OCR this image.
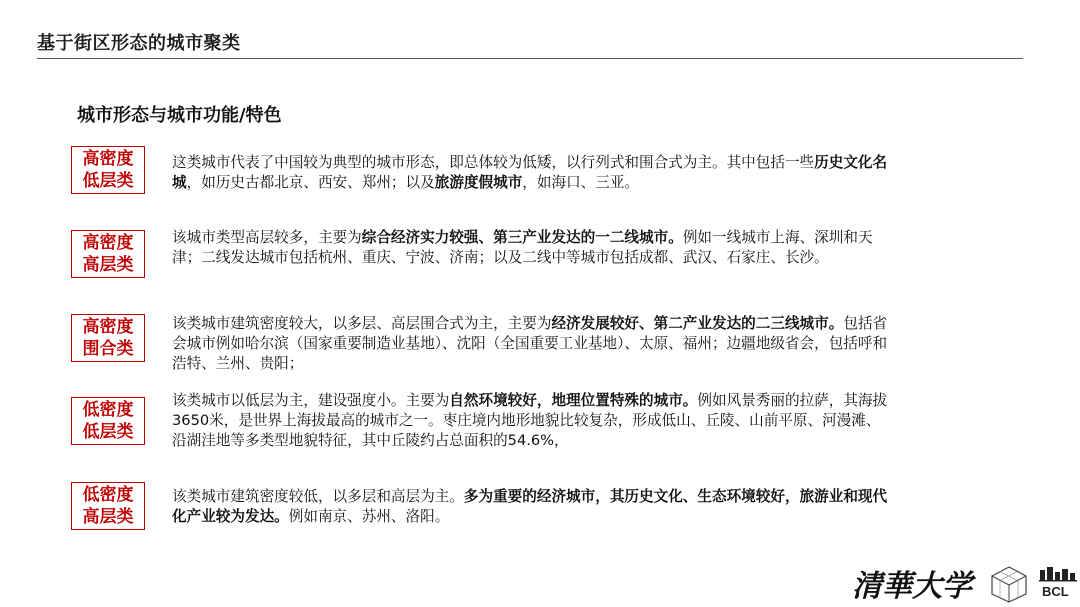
基于街区形态的城市聚类
城市形态与城市功能/特色
高密度
低层类
这类城市代表了中国较为典型的城市形态，即总体较为低矮，以行列式和围合式为主。其中包括一些历史文化名城，如历史古都北京、西安、郑州；以及旅游度假城市，如海口、三亚。
高密度
高层类
该城市类型高层较多，主要为综合经济实力较强、第三产业发达的一二线城市。例如一线城市上海、深圳和天津；二线发达城市包括杭州、重庆、宁波、济南；以及二线中等城市包括成都、武汉、石家庄、长沙。
高密度
围合类
该类城市建筑密度较大，以多层、高层围合式为主，主要为经济发展较好、第二产业发达的二三线城市。包括省会城市例如哈尔滨（国家重要制造业基地）、沈阳（全国重要工业基地）、太原、福州；边疆地级省会，包括呼和浩特、兰州、贵阳；
低密度
低层类
该类城市以低层为主，建设强度小。主要为自然环境较好，地理位置特殊的城市。例如风景秀丽的拉萨，其海拔3650米，是世界上海拔最高的城市之一。枣庄境内地形地貌比较复杂，形成低山、丘陵、山前平原、河漫滩、沿湖洼地等多类型地貌特征，其中丘陵约占总面积的54.6%，
低密度
高层类
该类城市建筑密度较低，以多层和高层为主。多为重要的经济城市，其历史文化、生态环境较好，旅游业和现代化产业较为发达。例如南京、苏州、洛阳。
清華大学	BCL
